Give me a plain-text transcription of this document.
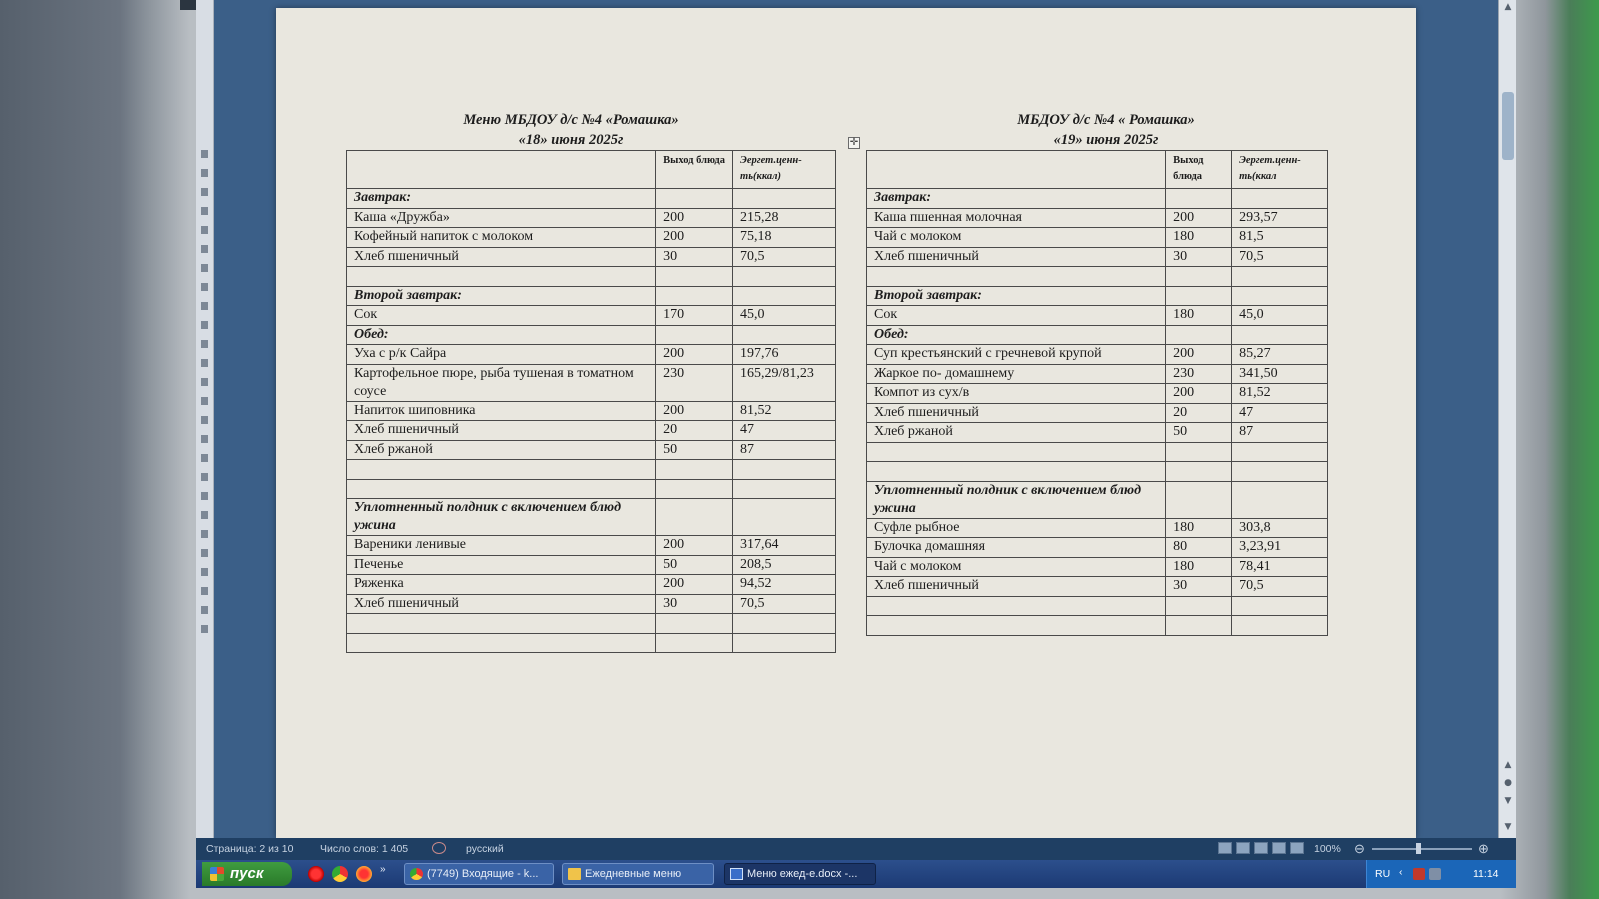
Меню МБДОУ д/с №4 «Ромашка»
«18» июня 2025г	✛
МБДОУ д/с №4 « Ромашка»
«19» июня 2025г
	Выход блюда	Эергет.ценн-ть(ккал)
Завтрак:		
Каша «Дружба»	200	215,28
Кофейный напиток с молоком	200	75,18
Хлеб пшеничный	30	70,5

Второй завтрак:		
Сок	170	45,0
Обед:		
Уха с р/к Сайра	200	197,76
Картофельное пюре, рыба тушеная в томатном соусе	230	165,29/81,23
Напиток шиповника	200	81,52
Хлеб пшеничный	20	47
Хлеб ржаной	50	87

Уплотненный полдник с включением блюд ужина		
Вареники ленивые	200	317,64
Печенье	50	208,5
Ряженка	200	94,52
Хлеб пшеничный	30	70,5

	Выход блюда	Эергет.ценн-ть(ккал
Завтрак:		
Каша пшенная молочная	200	293,57
Чай с молоком	180	81,5
Хлеб пшеничный	30	70,5

Второй завтрак:		
Сок	180	45,0
Обед:		
Суп крестьянский с гречневой крупой	200	85,27
Жаркое по- домашнему	230	341,50
Компот из сух/в	200	81,52
Хлеб пшеничный	20	47
Хлеб ржаной	50	87

Уплотненный полдник с включением блюд ужина		
Суфле рыбное	180	303,8
Булочка домашняя	80	3,23,91
Чай с молоком	180	78,41
Хлеб пшеничный	30	70,5

▲
▲
●
▼
▼
Страница: 2 из 10	Число слов: 1 405	русский	100% ⊖	⊕
пуск	»	(7749) Входящие - k...	Ежедневные меню	Меню ежед-е.docx -...	RU ‹	11:14
